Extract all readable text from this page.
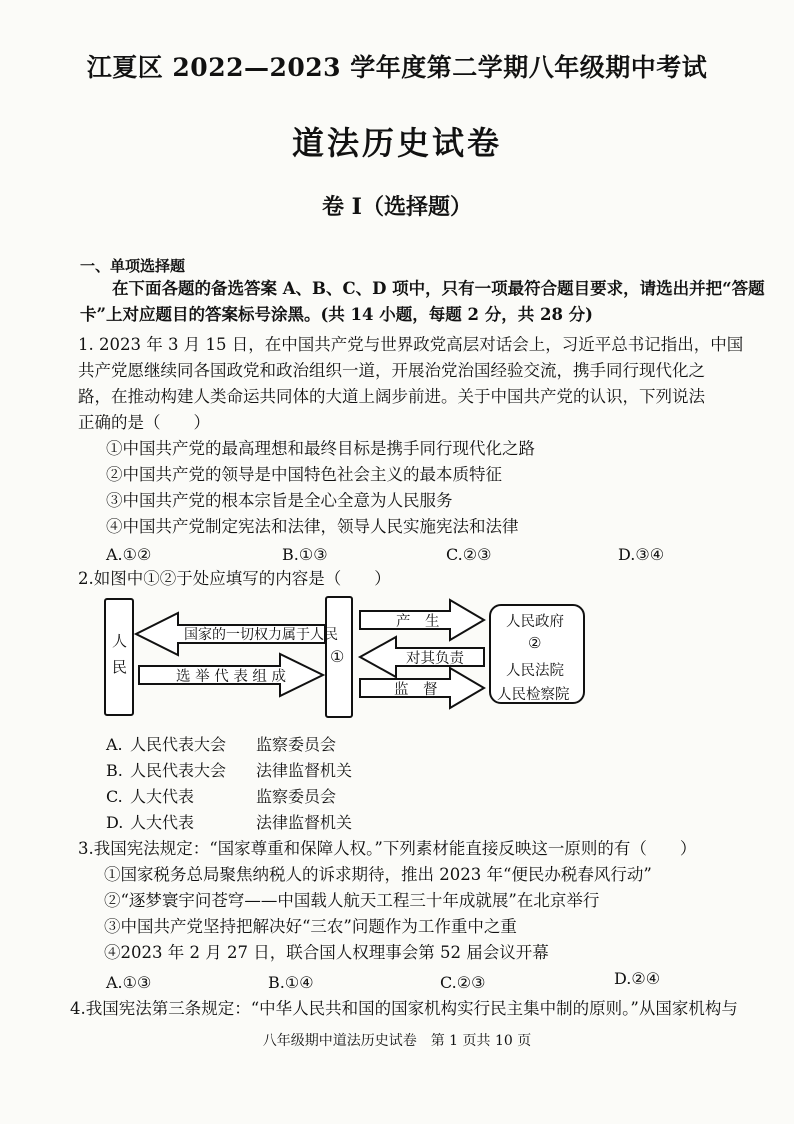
江夏区 2022—2023 学年度第二学期八年级期中考试
道法历史试卷
卷 I（选择题）
一、单项选择题
在下面各题的备选答案 A、B、C、D 项中，只有一项最符合题目要求，请选出并把“答题
卡”上对应题目的答案标号涂黑。(共 14 小题，每题 2 分，共 28 分)
1. 2023 年 3 月 15 日，在中国共产党与世界政党高层对话会上，习近平总书记指出，中国
共产党愿继续同各国政党和政治组织一道，开展治党治国经验交流，携手同行现代化之
路，在推动构建人类命运共同体的大道上阔步前进。关于中国共产党的认识，下列说法
正确的是（　　）
①中国共产党的最高理想和最终目标是携手同行现代化之路
②中国共产党的领导是中国特色社会主义的最本质特征
③中国共产党的根本宗旨是全心全意为人民服务
④中国共产党制定宪法和法律，领导人民实施宪法和法律
A.①②	B.①③	C.②③	D.③④
2.如图中①②于处应填写的内容是（　　）
人民
①
国家的一切权力属于人民
选 举 代 表 组 成
产　生
对其负责
监　督
人民政府
②
人民法院
人民检察院
A. 人民代表大会 监察委员会
B. 人民代表大会 法律监督机关
C. 人大代表	监察委员会
D. 人大代表	法律监督机关
3.我国宪法规定：“国家尊重和保障人权。”下列素材能直接反映这一原则的有（　　）
①国家税务总局聚焦纳税人的诉求期待，推出 2023 年“便民办税春风行动”
②“逐梦寰宇问苍穹——中国载人航天工程三十年成就展”在北京举行
③中国共产党坚持把解决好“三农”问题作为工作重中之重
④2023 年 2 月 27 日，联合国人权理事会第 52 届会议开幕
A.①③	B.①④	C.②③	D.②④
4.我国宪法第三条规定：“中华人民共和国的国家机构实行民主集中制的原则。”从国家机构与
八年级期中道法历史试卷　第 1 页共 10 页
